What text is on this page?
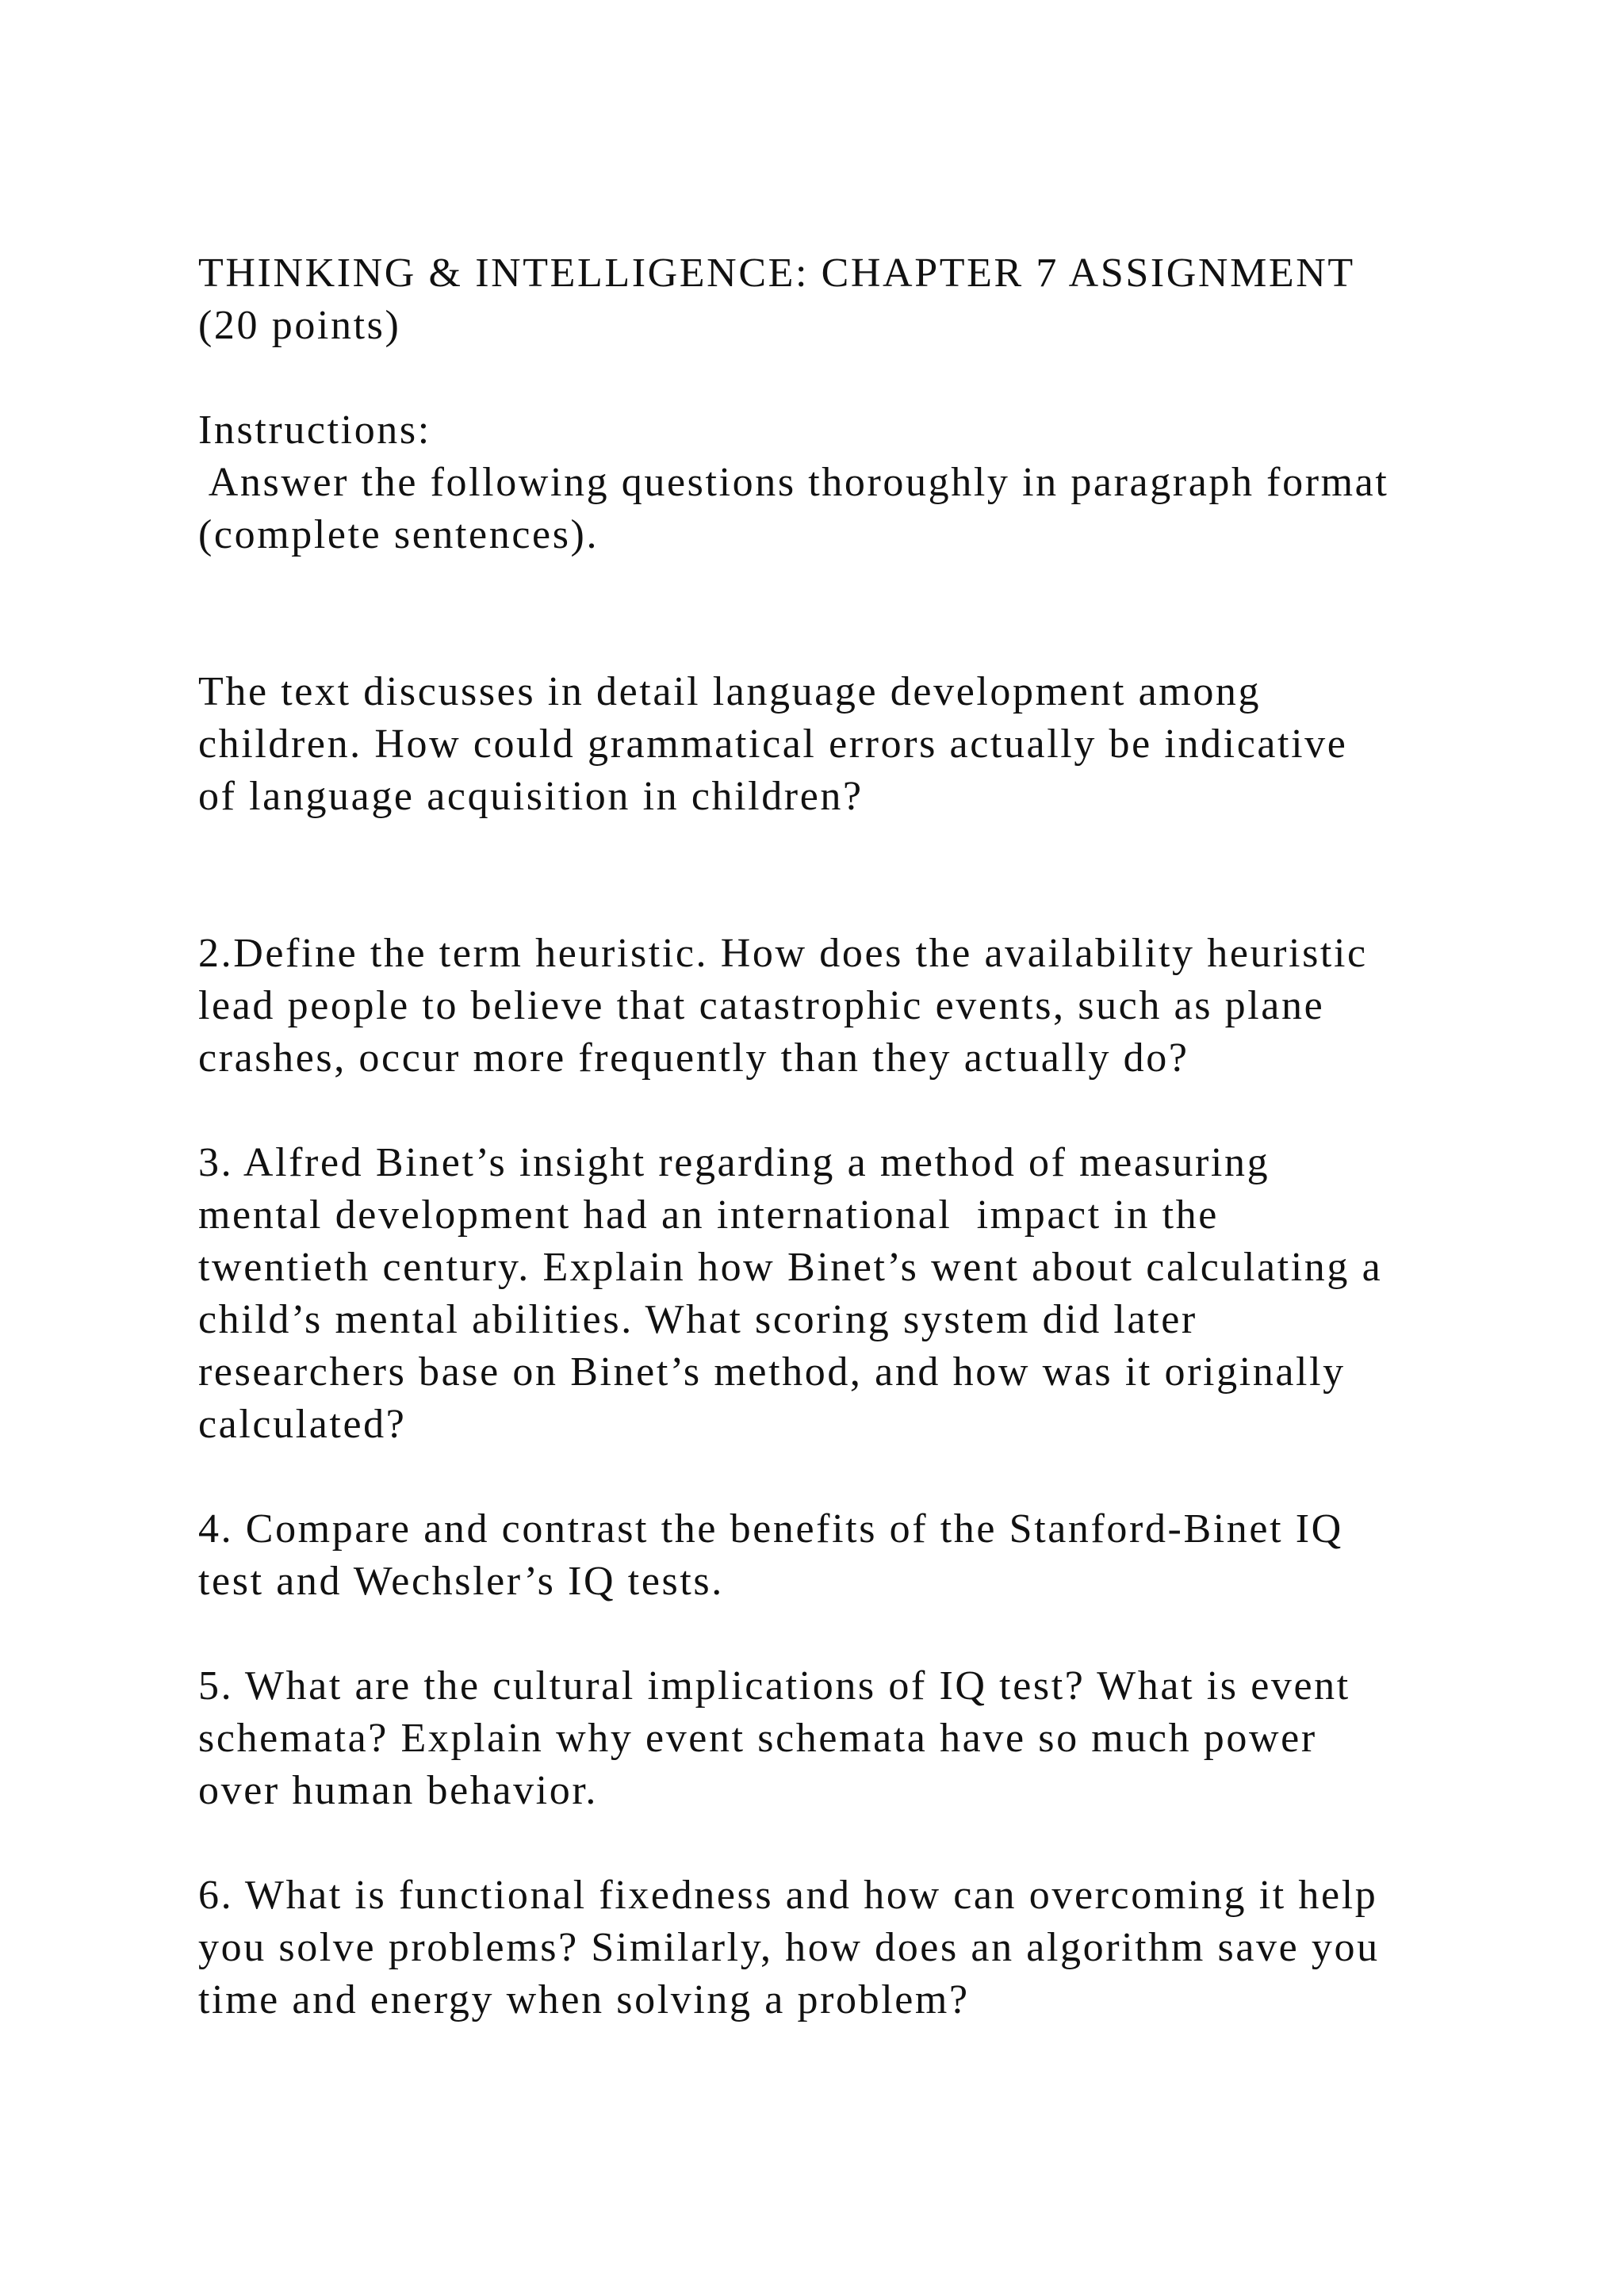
THINKING & INTELLIGENCE: CHAPTER 7 ASSIGNMENT
(20 points)
Instructions:
Answer the following questions thoroughly in paragraph format
(complete sentences).
The text discusses in detail language development among
children. How could grammatical errors actually be indicative
of language acquisition in children?
2.Define the term heuristic. How does the availability heuristic
lead people to believe that catastrophic events, such as plane
crashes, occur more frequently than they actually do?
3. Alfred Binet’s insight regarding a method of measuring
mental development had an international  impact in the
twentieth century. Explain how Binet’s went about calculating a
child’s mental abilities. What scoring system did later
researchers base on Binet’s method, and how was it originally
calculated?
4. Compare and contrast the benefits of the Stanford-Binet IQ
test and Wechsler’s IQ tests.
5. What are the cultural implications of IQ test? What is event
schemata? Explain why event schemata have so much power
over human behavior.
6. What is functional fixedness and how can overcoming it help
you solve problems? Similarly, how does an algorithm save you
time and energy when solving a problem?
